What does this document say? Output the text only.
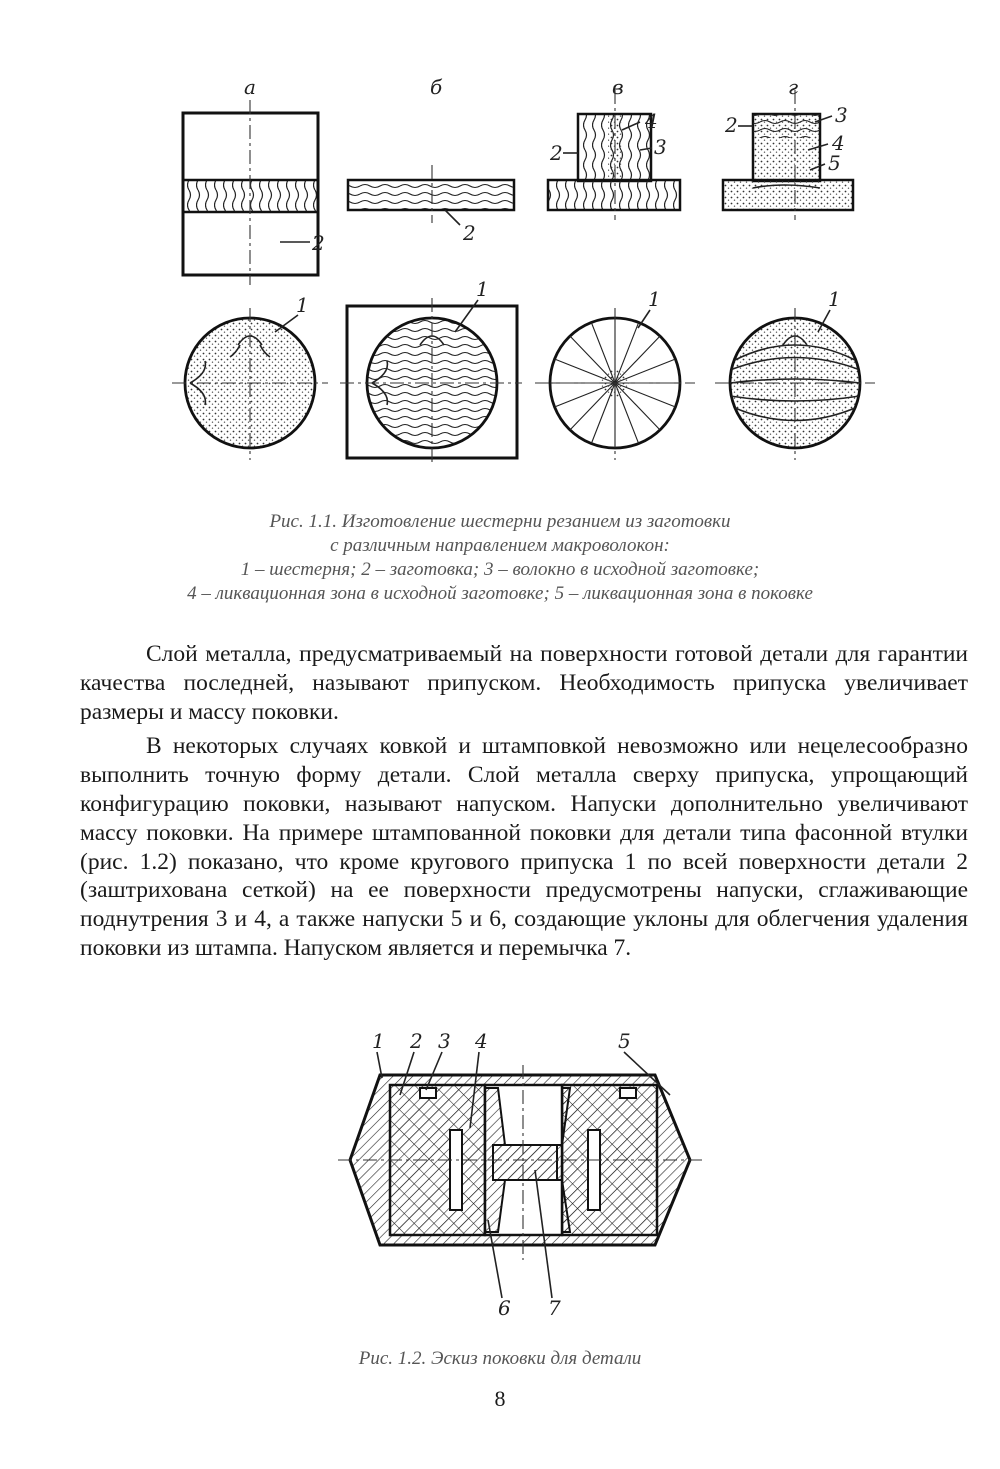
а	б	в	г
2	2
2
4
3
2	3
4
5
1
1	1	1
Рис. 1.1. Изготовление шестерни резанием из заготовки
с различным направлением макроволокон:
1 – шестерня; 2 – заготовка; 3 – волокно в исходной заготовке;
4 – ликвационная зона в исходной заготовке; 5 – ликвационная зона в поковке

Слой металла, предусматриваемый на поверхности готовой детали для гарантии качества последней, называют припуском. Необходимость припуска увеличивает размеры и массу поковки.

В некоторых случаях ковкой и штамповкой невозможно или нецелесообразно выполнить точную форму детали. Слой металла сверху припуска, упрощающий конфигурацию поковки, называют напуском. Напуски дополнительно увеличивают массу поковки. На примере штампованной поковки для детали типа фасонной втулки (рис. 1.2) показано, что кроме кругового припуска 1 по всей поверхности детали 2 (заштрихована сеткой) на ее поверхности предусмотрены напуски, сглаживающие поднутрения 3 и 4, а также напуски 5 и 6, создающие уклоны для облегчения удаления поковки из штампа. Напуском является и перемычка 7.

1 2 3 4	5
6 7
Рис. 1.2. Эскиз поковки для детали
8
